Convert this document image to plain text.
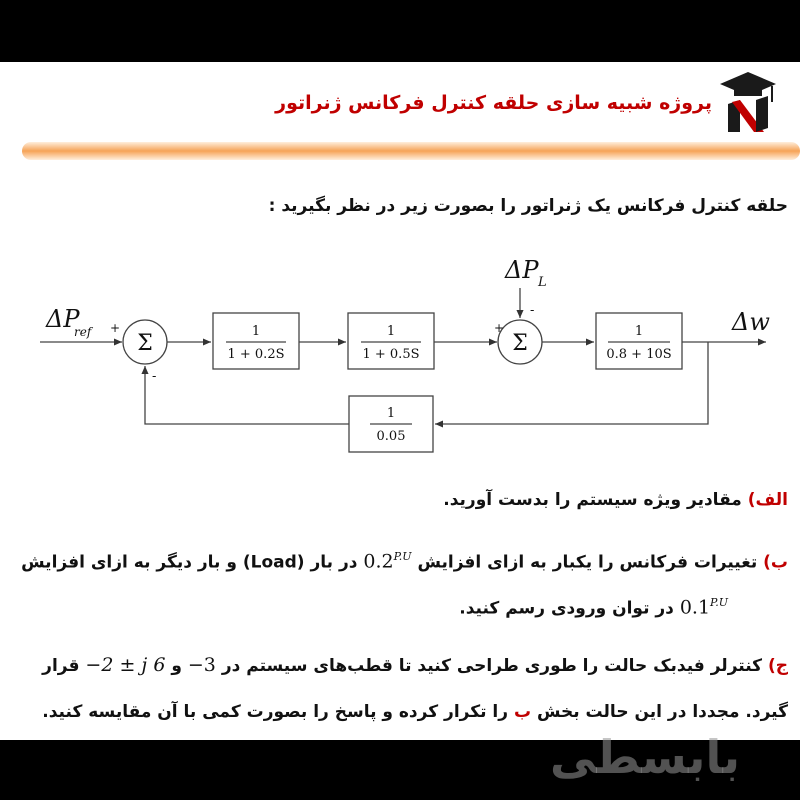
پروژه شبیه سازی حلقه کنترل فرکانس ژنراتور
حلقه کنترل فرکانس یک ژنراتور را بصورت زیر در نظر بگیرید :
Σ	Σ
1
1 + 0.2S
1
1 + 0.5S
1
0.8 + 10S
1
0.05
ΔP
ref
ΔP L
Δw
+
-
+
-
الف) مقادیر ویژه سیستم را بدست آورید.
ب) تغییرات فرکانس را یکبار به ازای افزایش $0.2^{P.U}$ در بار (Load) و بار دیگر به ازای افزایش
$0.1^{P.U}$ در توان ورودی رسم کنید.
ج) کنترلر فیدبک حالت را طوری طراحی کنید تا قطب‌های سیستم در −3 و −2 ± j 6 قرار
گیرد. مجددا در این حالت بخش ب را تکرار کرده و پاسخ را بصورت کمی با آن مقایسه کنید.
بابسطی
